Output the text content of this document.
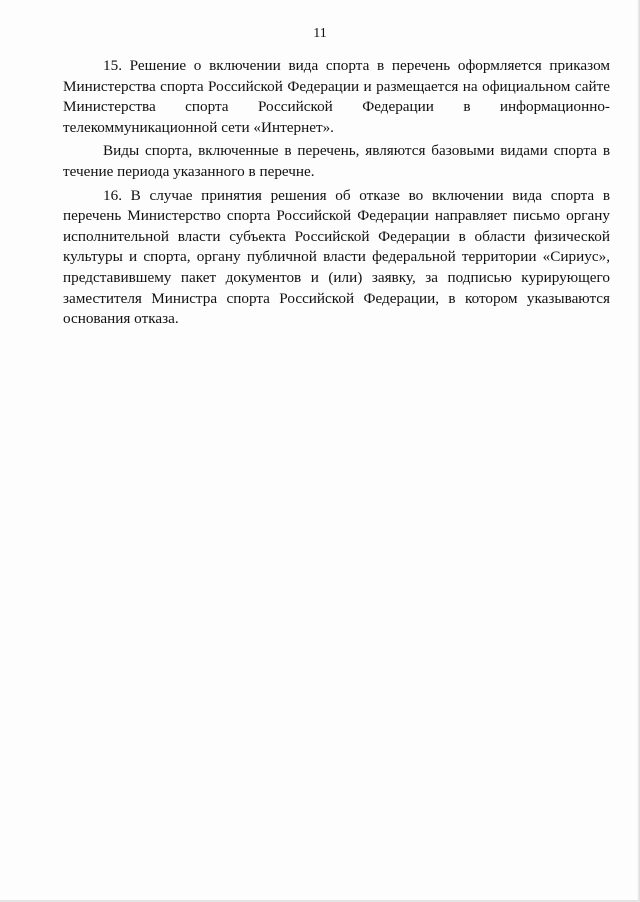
11

15. Решение о включении вида спорта в перечень оформляется приказом Министерства спорта Российской Федерации и размещается на официальном сайте Министерства спорта Российской Федерации в информационно-телекоммуникационной сети «Интернет».

Виды спорта, включенные в перечень, являются базовыми видами спорта в течение периода указанного в перечне.

16. В случае принятия решения об отказе во включении вида спорта в перечень Министерство спорта Российской Федерации направляет письмо органу исполнительной власти субъекта Российской Федерации в области физической культуры и спорта, органу публичной власти федеральной территории «Сириус», представившему пакет документов и (или) заявку, за подписью курирующего заместителя Министра спорта Российской Федерации, в котором указываются основания отказа.
